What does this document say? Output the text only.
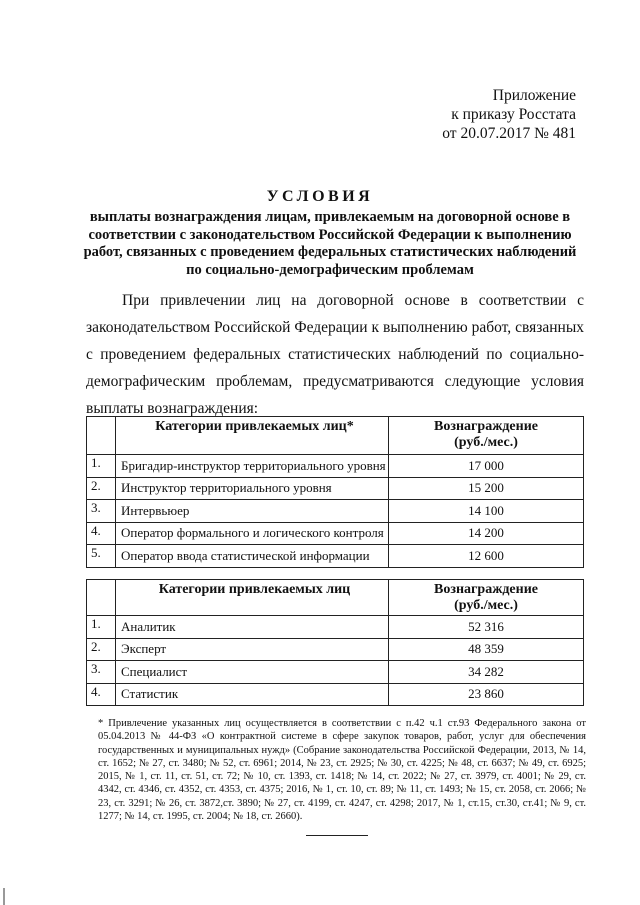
Приложение
к приказу Росстата
от 20.07.2017 № 481
УСЛОВИЯ
выплаты вознаграждения лицам, привлекаемым на договорной основе в соответствии с законодательством Российской Федерации к выполнению работ, связанных с проведением федеральных статистических наблюдений по социально-демографическим проблемам

При привлечении лиц на договорной основе в соответствии с законодательством Российской Федерации к выполнению работ, связанных с проведением федеральных статистических наблюдений по социально-демографическим проблемам, предусматриваются следующие условия выплаты вознаграждения:

	Категории привлекаемых лиц*	Вознаграждение
(руб./мес.)

1.	Бригадир-инструктор территориального уровня	17 000
2.	Инструктор территориального уровня	15 200
3.	Интервьюер	14 100
4.	Оператор формального и логического контроля	14 200
5.	Оператор ввода статистической информации	12 600
	Категории привлекаемых лиц	Вознаграждение
(руб./мес.)

1.	Аналитик	52 316
2.	Эксперт	48 359
3.	Специалист	34 282
4.	Статистик	23 860

* Привлечение указанных лиц осуществляется в соответствии с п.42 ч.1 ст.93 Федерального закона от 05.04.2013 № 44-ФЗ «О контрактной системе в сфере закупок товаров, работ, услуг для обеспечения государственных и муниципальных нужд» (Собрание законодательства Российской Федерации, 2013, № 14, ст. 1652; № 27, ст. 3480; № 52, ст. 6961; 2014, № 23, ст. 2925; № 30, ст. 4225; № 48, ст. 6637; № 49, ст. 6925; 2015, № 1, ст. 11, ст. 51, ст. 72; № 10, ст. 1393, ст. 1418; № 14, ст. 2022; № 27, ст. 3979, ст. 4001; № 29, ст. 4342, ст. 4346, ст. 4352, ст. 4353, ст. 4375; 2016, № 1, ст. 10, ст. 89; № 11, ст. 1493; № 15, ст. 2058, ст. 2066; № 23, ст. 3291; № 26, ст. 3872,ст. 3890; № 27, ст. 4199, ст. 4247, ст. 4298; 2017, № 1, ст.15, ст.30, ст.41; № 9, ст. 1277; № 14, ст. 1995, ст. 2004; № 18, ст. 2660).
